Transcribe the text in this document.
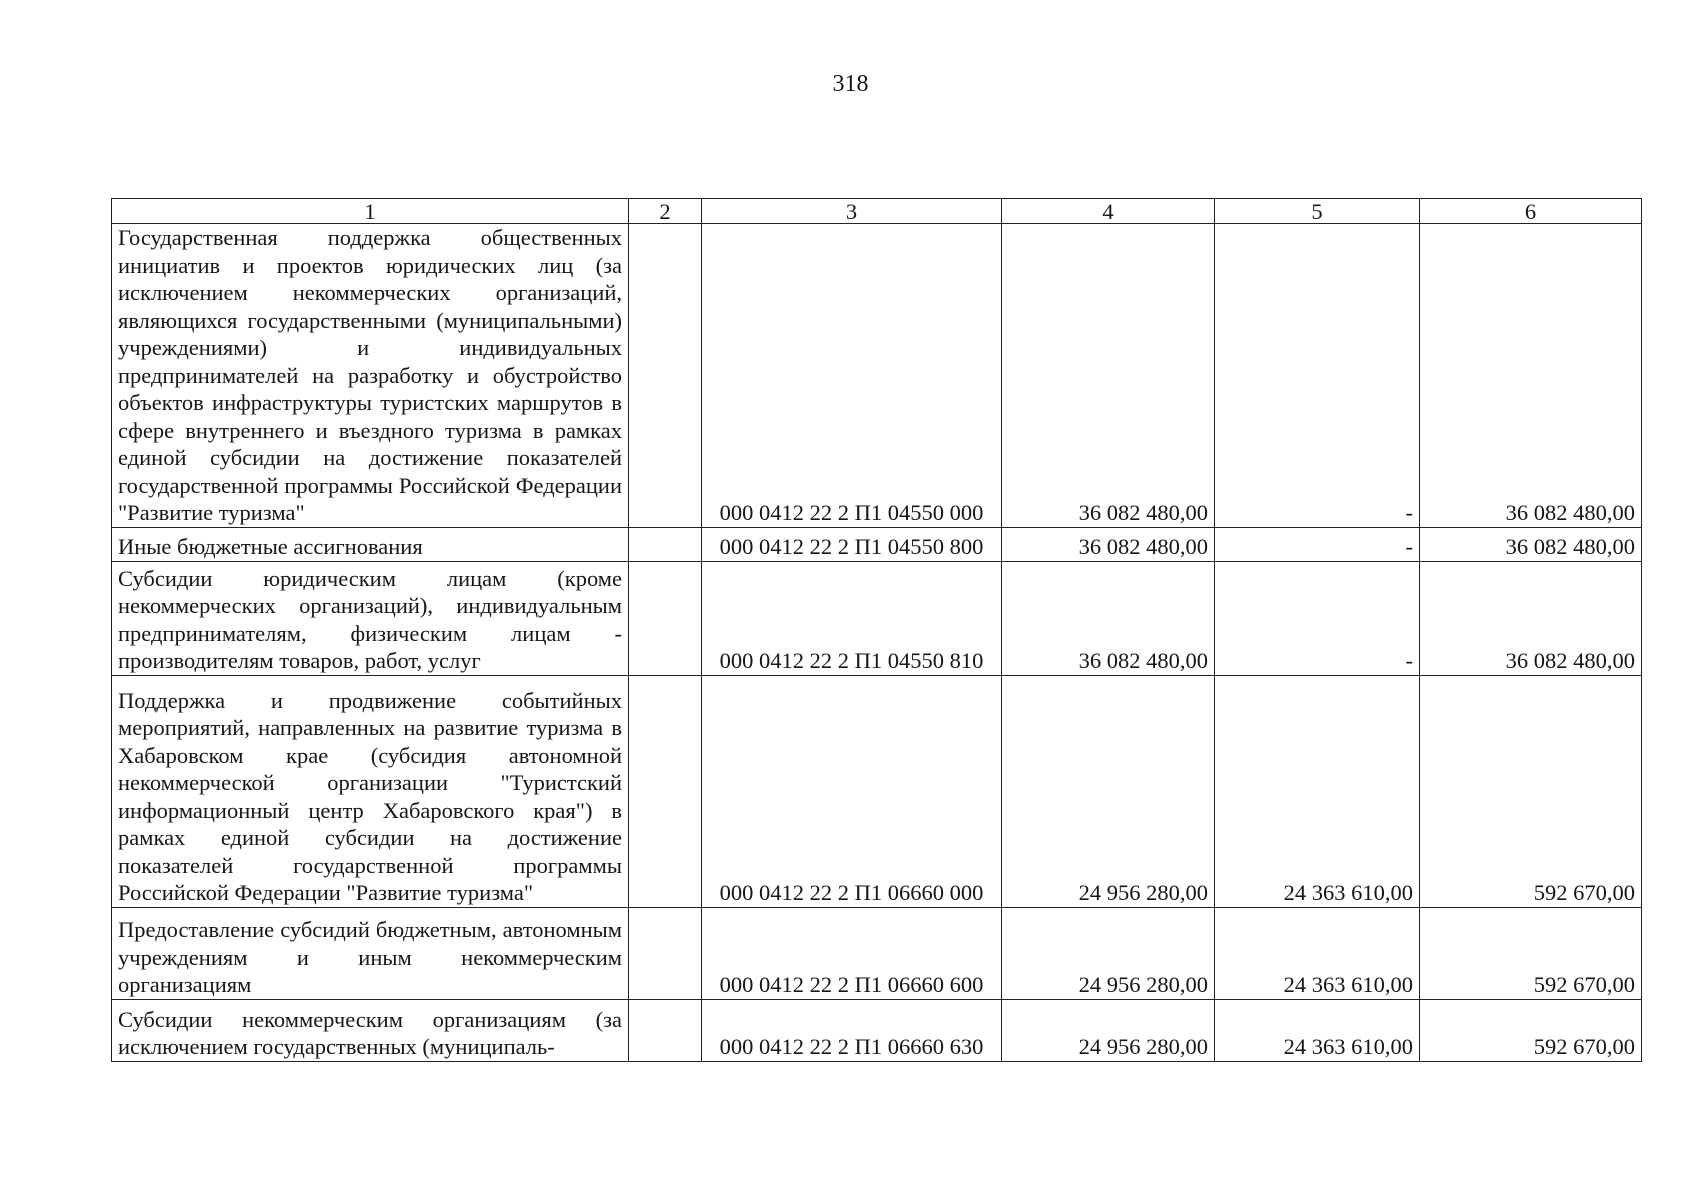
318
1	2	3	4	5	6
Государственная поддержка общественных инициатив и проектов юридических лиц (за исключением некоммерческих организаций, являющихся государственными (муниципальными) учреждениями) и индивидуальных предпринимателей на разработку и обустройство объектов инфраструктуры туристских маршрутов в сфере внутреннего и въездного туризма в рамках единой субсидии на достижение показателей государственной программы Российской Федерации "Развитие туризма"		000 0412 22 2 П1 04550 000	36 082 480,00	-	36 082 480,00
Иные бюджетные ассигнования		000 0412 22 2 П1 04550 800	36 082 480,00	-	36 082 480,00
Субсидии юридическим лицам (кроме некоммерческих организаций), индивидуальным предпринимателям, физическим лицам - производителям товаров, работ, услуг		000 0412 22 2 П1 04550 810	36 082 480,00	-	36 082 480,00
Поддержка и продвижение событийных мероприятий, направленных на развитие туризма в Хабаровском крае (субсидия автономной некоммерческой организации "Туристский информационный центр Хабаровского края") в рамках единой субсидии на достижение показателей государственной программы Российской Федерации "Развитие туризма"		000 0412 22 2 П1 06660 000	24 956 280,00	24 363 610,00	592 670,00
Предоставление субсидий бюджетным, автономным учреждениям и иным некоммерческим организациям		000 0412 22 2 П1 06660 600	24 956 280,00	24 363 610,00	592 670,00
Субсидии некоммерческим организациям (за исключением государственных (муниципаль-		000 0412 22 2 П1 06660 630	24 956 280,00	24 363 610,00	592 670,00
